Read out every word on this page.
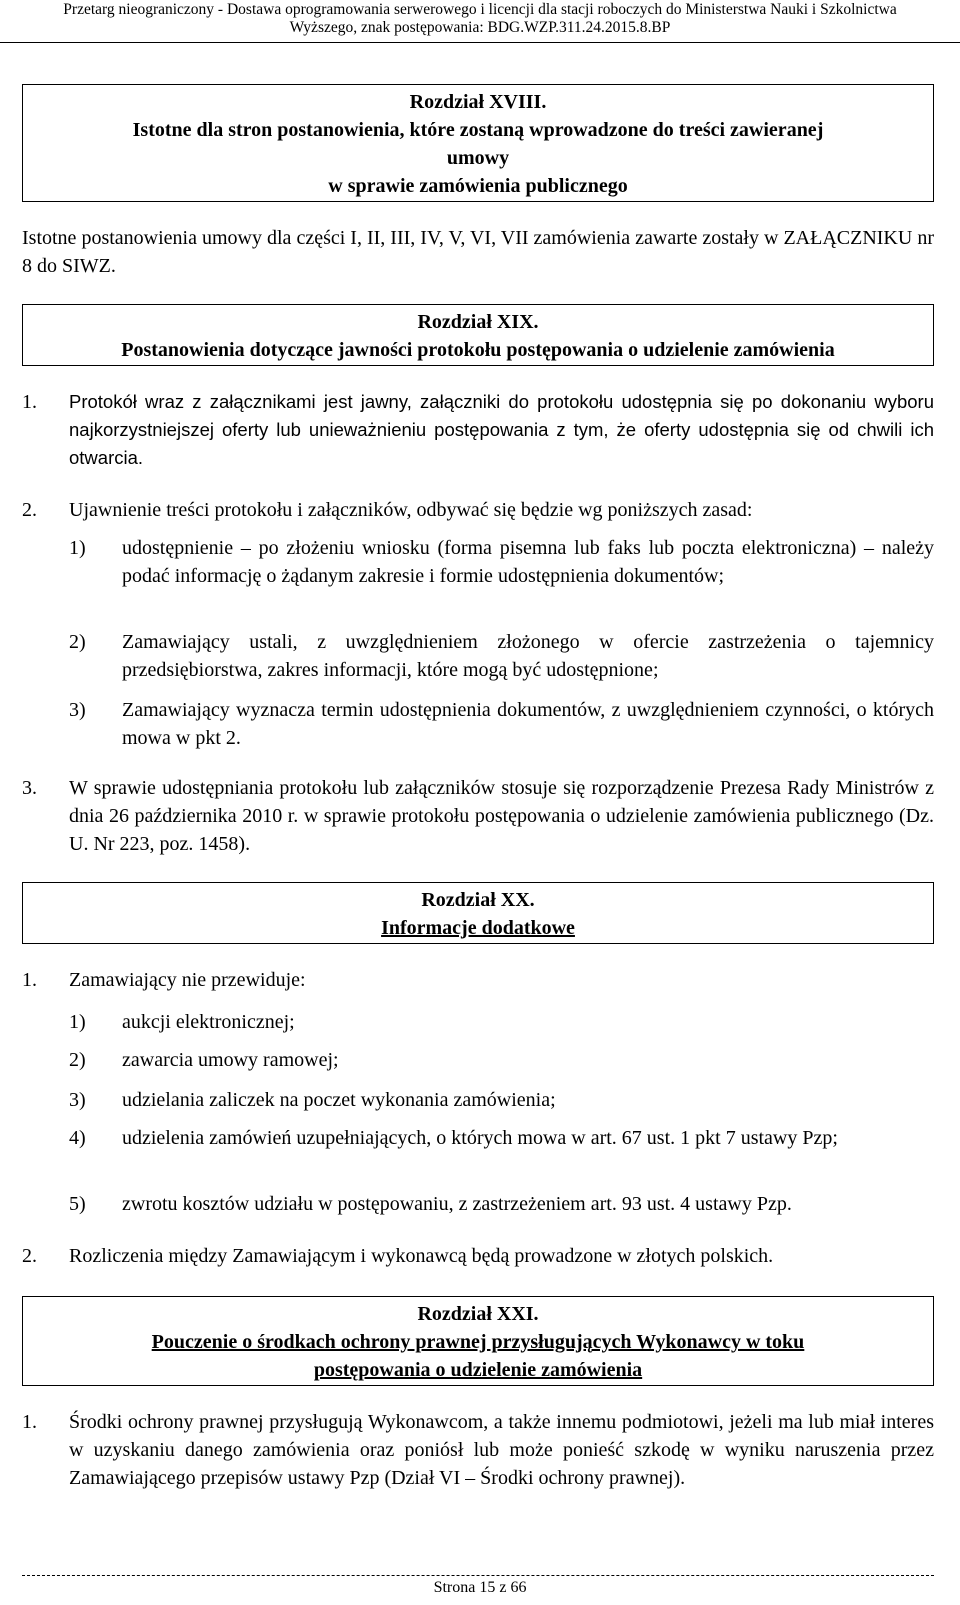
Przetarg nieograniczony - Dostawa oprogramowania serwerowego i licencji dla stacji roboczych do Ministerstwa Nauki i Szkolnictwa
Wyższego, znak postępowania: BDG.WZP.311.24.2015.8.BP
Rozdział XVIII.
Istotne dla stron postanowienia, które zostaną wprowadzone do treści zawieranej
umowy
w sprawie zamówienia publicznego
Istotne postanowienia umowy dla części I, II, III, IV, V, VI, VII zamówienia zawarte zostały w ZAŁĄCZNIKU nr 8 do SIWZ.
Rozdział XIX.
Postanowienia dotyczące jawności protokołu postępowania o udzielenie zamówienia
1. Protokół wraz z załącznikami jest jawny, załączniki do protokołu udostępnia się po dokonaniu wyboru najkorzystniejszej oferty lub unieważnieniu postępowania z tym, że oferty udostępnia się od chwili ich otwarcia.
2. Ujawnienie treści protokołu i załączników, odbywać się będzie wg poniższych zasad:
1) udostępnienie – po złożeniu wniosku (forma pisemna lub faks lub poczta elektroniczna) – należy podać informację o żądanym zakresie i formie udostępnienia dokumentów;
2) Zamawiający ustali, z uwzględnieniem złożonego w ofercie zastrzeżenia o tajemnicy przedsiębiorstwa, zakres informacji, które mogą być udostępnione;
3) Zamawiający wyznacza termin udostępnienia dokumentów, z uwzględnieniem czynności, o których mowa w pkt 2.
3. W sprawie udostępniania protokołu lub załączników stosuje się rozporządzenie Prezesa Rady Ministrów z dnia 26 października 2010 r. w sprawie protokołu postępowania o udzielenie zamówienia publicznego (Dz. U. Nr 223, poz. 1458).
Rozdział XX.
Informacje dodatkowe
1. Zamawiający nie przewiduje:
1) aukcji elektronicznej;
2) zawarcia umowy ramowej;
3) udzielania zaliczek na poczet wykonania zamówienia;
4) udzielenia zamówień uzupełniających, o których mowa w art. 67 ust. 1 pkt 7 ustawy Pzp;
5) zwrotu kosztów udziału w postępowaniu, z zastrzeżeniem art. 93 ust. 4 ustawy Pzp.
2. Rozliczenia między Zamawiającym i wykonawcą będą prowadzone w złotych polskich.
Rozdział XXI.
Pouczenie o środkach ochrony prawnej przysługujących Wykonawcy w toku
postępowania o udzielenie zamówienia
1. Środki ochrony prawnej przysługują Wykonawcom, a także innemu podmiotowi, jeżeli ma lub miał interes w uzyskaniu danego zamówienia oraz poniósł lub może ponieść szkodę w wyniku naruszenia przez Zamawiającego przepisów ustawy Pzp (Dział VI – Środki ochrony prawnej).
Strona 15 z 66
